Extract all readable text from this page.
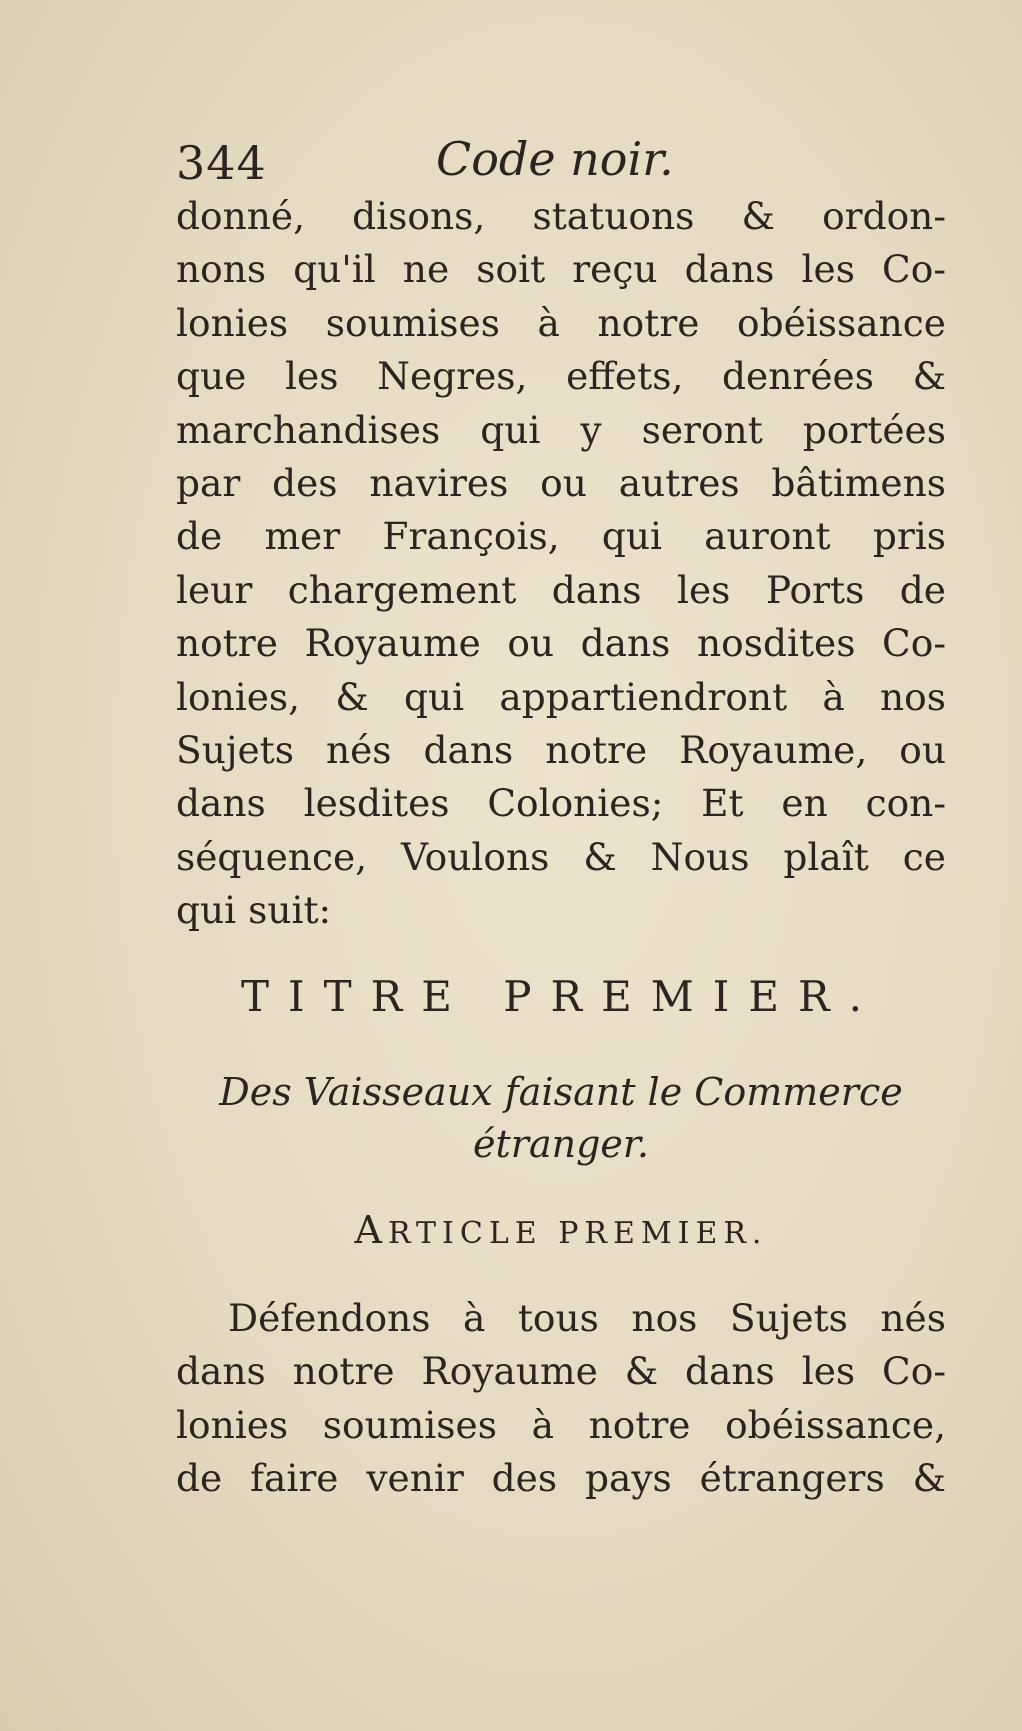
344	Code noir.
donné, disons, statuons & ordon-
nons qu'il ne soit reçu dans les Co-
lonies soumises à notre obéissance
que les Negres, effets, denrées &
marchandises qui y seront portées
par des navires ou autres bâtimens
de mer François, qui auront pris
leur chargement dans les Ports de
notre Royaume ou dans nosdites Co-
lonies, & qui appartiendront à nos
Sujets nés dans notre Royaume, ou
dans lesdites Colonies; Et en con-
séquence, Voulons & Nous plaît ce
qui suit:
TITRE PREMIER.
Des Vaisseaux faisant le Commerce
étranger.
ARTICLE PREMIER.
Défendons à tous nos Sujets nés
dans notre Royaume & dans les Co-
lonies soumises à notre obéissance,
de faire venir des pays étrangers &
